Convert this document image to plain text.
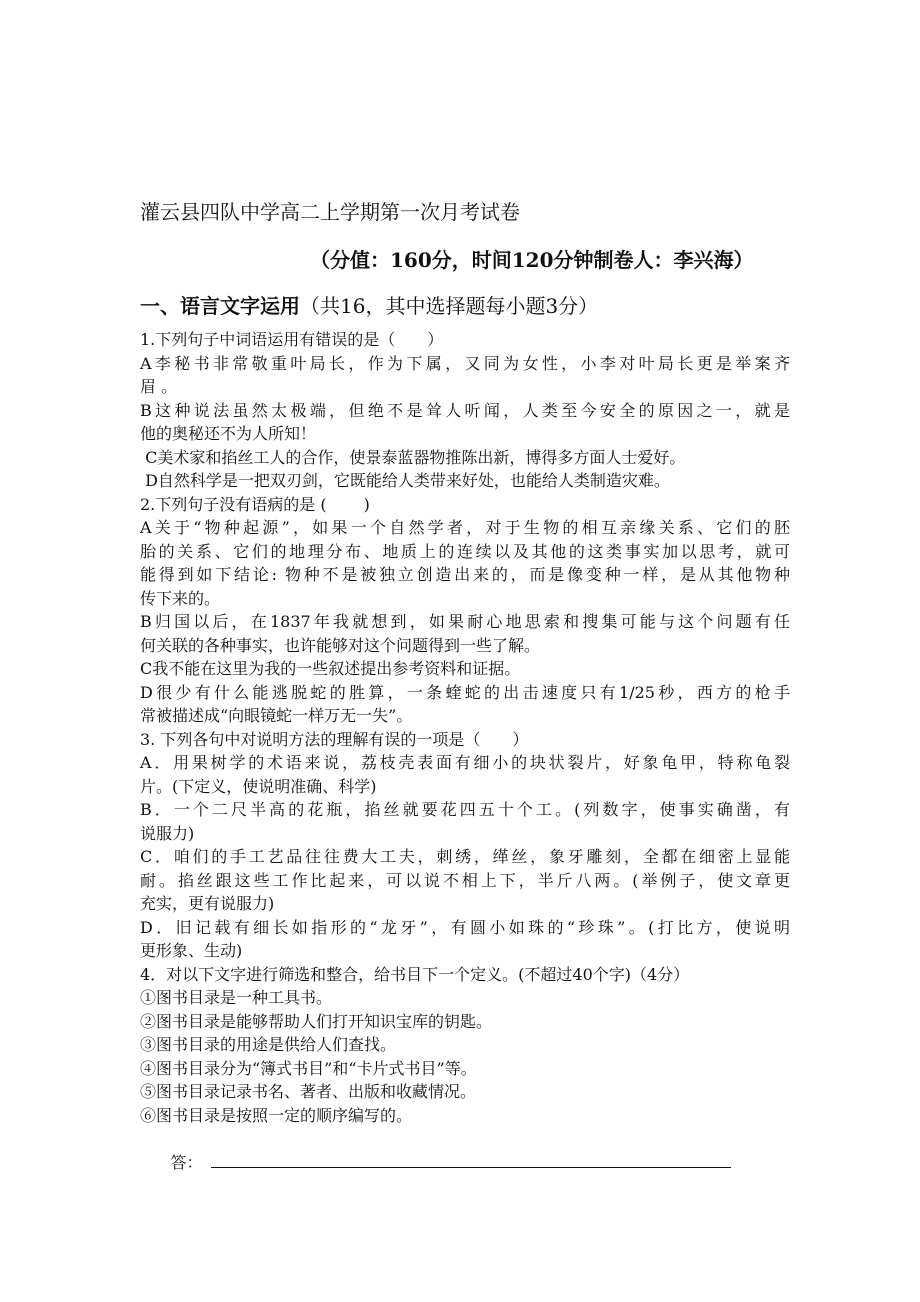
灌云县四队中学高二上学期第一次月考试卷
（分值：160分，时间120分钟制卷人：李兴海）
一、语言文字运用（共16，其中选择题每小题3分）
1.下列句子中词语运用有错误的是（　　）
A李秘书非常敬重叶局长，作为下属，又同为女性，小李对叶局长更是举案齐
眉 。
B这种说法虽然太极端，但绝不是耸人听闻，人类至今安全的原因之一，就是
他的奥秘还不为人所知！
C美术家和掐丝工人的合作，使景泰蓝器物推陈出新，博得多方面人士爱好。
D自然科学是一把双刃剑，它既能给人类带来好处，也能给人类制造灾难。
2.下列句子没有语病的是 (　　 )
A关于“物种起源”，如果一个自然学者，对于生物的相互亲缘关系、它们的胚
胎的关系、它们的地理分布、地质上的连续以及其他的这类事实加以思考，就可
能得到如下结论: 物种不是被独立创造出来的，而是像变种一样，是从其他物种
传下来的。
B归国以后，在1837年我就想到，如果耐心地思索和搜集可能与这个问题有任
何关联的各种事实，也许能够对这个问题得到一些了解。
C我不能在这里为我的一些叙述提出参考资料和证据。
D很少有什么能逃脱蛇的胜算，一条蝰蛇的出击速度只有1/25秒，西方的枪手
常被描述成“向眼镜蛇一样万无一失”。
3. 下列各句中对说明方法的理解有误的一项是（　　）
A．用果树学的术语来说，荔枝壳表面有细小的块状裂片，好象龟甲，特称龟裂
片。(下定义，使说明准确、科学)
B．一个二尺半高的花瓶，掐丝就要花四五十个工。(列数字，使事实确凿，有
说服力)
C．咱们的手工艺品往往费大工夫，刺绣，缂丝，象牙雕刻，全都在细密上显能
耐。掐丝跟这些工作比起来，可以说不相上下，半斤八两。(举例子，使文章更
充实，更有说服力)
D．旧记载有细长如指形的“龙牙”，有圆小如珠的“珍珠”。(打比方，使说明
更形象、生动)
4．对以下文字进行筛选和整合，给书目下一个定义。(不超过40个字)（4分）
①图书目录是一种工具书。
②图书目录是能够帮助人们打开知识宝库的钥匙。
③图书目录的用途是供给人们查找。
④图书目录分为“簿式书目”和“卡片式书目”等。
⑤图书目录记录书名、著者、出版和收藏情况。
⑥图书目录是按照一定的顺序编写的。

答：
